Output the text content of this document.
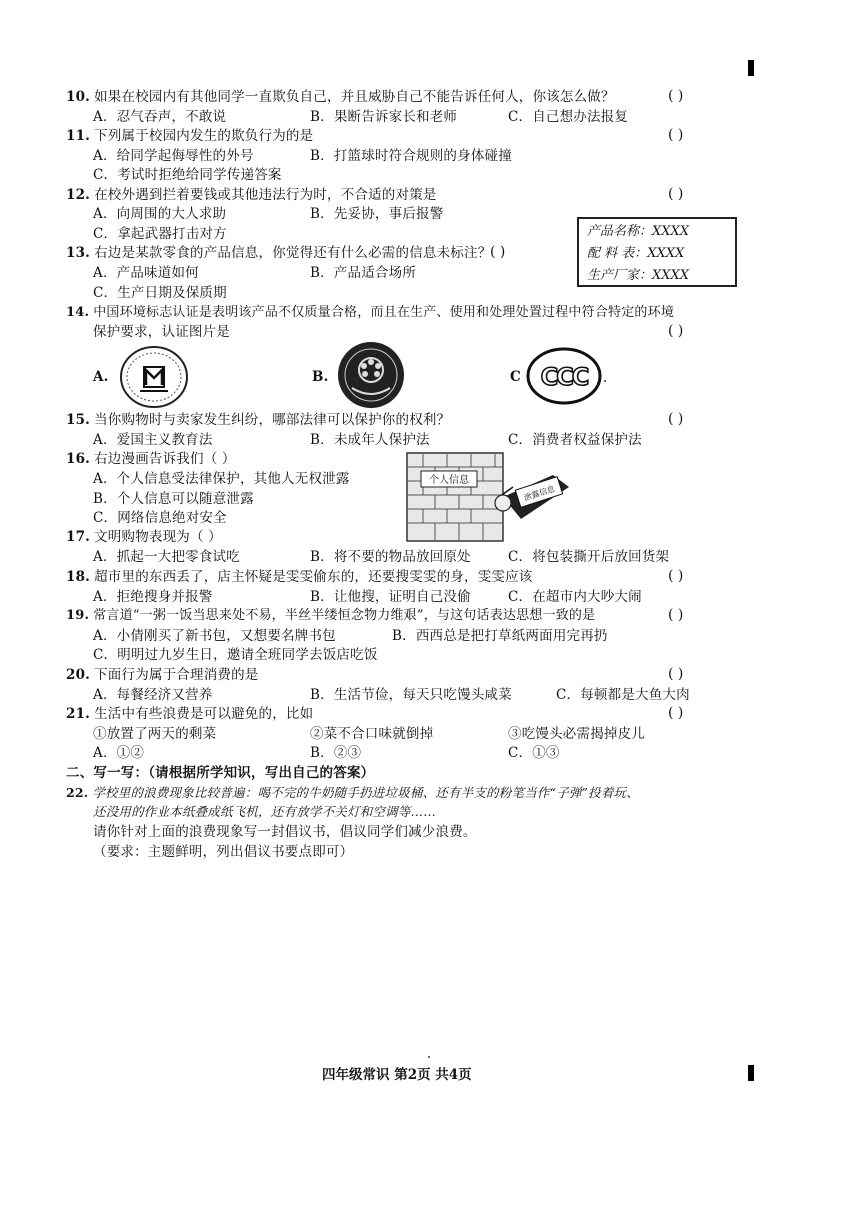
10. 如果在校园内有其他同学一直欺负自己，并且威胁自己不能告诉任何人，你该怎么做？	( )
A．忍气吞声，不敢说	B．果断告诉家长和老师	C．自己想办法报复
11. 下列属于校园内发生的欺负行为的是	( )
A．给同学起侮辱性的外号	B．打篮球时符合规则的身体碰撞
C．考试时拒绝给同学传递答案
12. 在校外遇到拦着要钱或其他违法行为时，不合适的对策是	( )
A．向周围的大人求助	B．先妥协，事后报警
C．拿起武器打击对方	产品名称：XXXX
配 料 表：XXXX
生产厂家：XXXX
13. 右边是某款零食的产品信息，你觉得还有什么必需的信息未标注？
( )
A．产品味道如何	B．产品适合场所
C．生产日期及保质期
14. 中国环境标志认证是表明该产品不仅质量合格，而且在生产、使用和处理处置过程中符合特定的环境
保护要求，认证图片是	( )
A.	B.	C CCC
15. 当你购物时与卖家发生纠纷，哪部法律可以保护你的权利？	( )
A．爱国主义教育法	B．未成年人保护法	C．消费者权益保护法
16. 右边漫画告诉我们（ ）
A．个人信息受法律保护，其他人无权泄露
B．个人信息可以随意泄露
C．网络信息绝对安全
个人信息
泄露信息
17. 文明购物表现为（ ）
A．抓起一大把零食试吃	B．将不要的物品放回原处	C．将包装撕开后放回货架
18. 超市里的东西丢了，店主怀疑是雯雯偷东的，还要搜雯雯的身，雯雯应该	( )
A．拒绝搜身并报警	B．让他搜，证明自己没偷	C．在超市内大吵大闹
19. 常言道“一粥一饭当思来处不易，半丝半缕恒念物力维艰”，与这句话表达思想一致的是	( )
A．小倩刚买了新书包，又想要名牌书包	B．西西总是把打草纸两面用完再扔
C．明明过九岁生日，邀请全班同学去饭店吃饭
20. 下面行为属于合理消费的是	( )
A．每餐经济又营养	B．生活节俭，每天只吃馒头咸菜	C．每顿都是大鱼大肉
21. 生活中有些浪费是可以避免的，比如	( )
①放置了两天的剩菜	②菜不合口味就倒掉	③吃馒头必需揭掉皮儿
A．①②	B．②③	C．①③
二、写一写：（请根据所学知识，写出自己的答案）
22. 学校里的浪费现象比较普遍：喝不完的牛奶随手扔进垃圾桶、还有半支的粉笔当作“子弹”投着玩、
还没用的作业本纸叠成纸飞机，还有放学不关灯和空调等……
请你针对上面的浪费现象写一封倡议书，倡议同学们减少浪费。
（要求：主题鲜明，列出倡议书要点即可）
四年级常识 第2页 共4页
